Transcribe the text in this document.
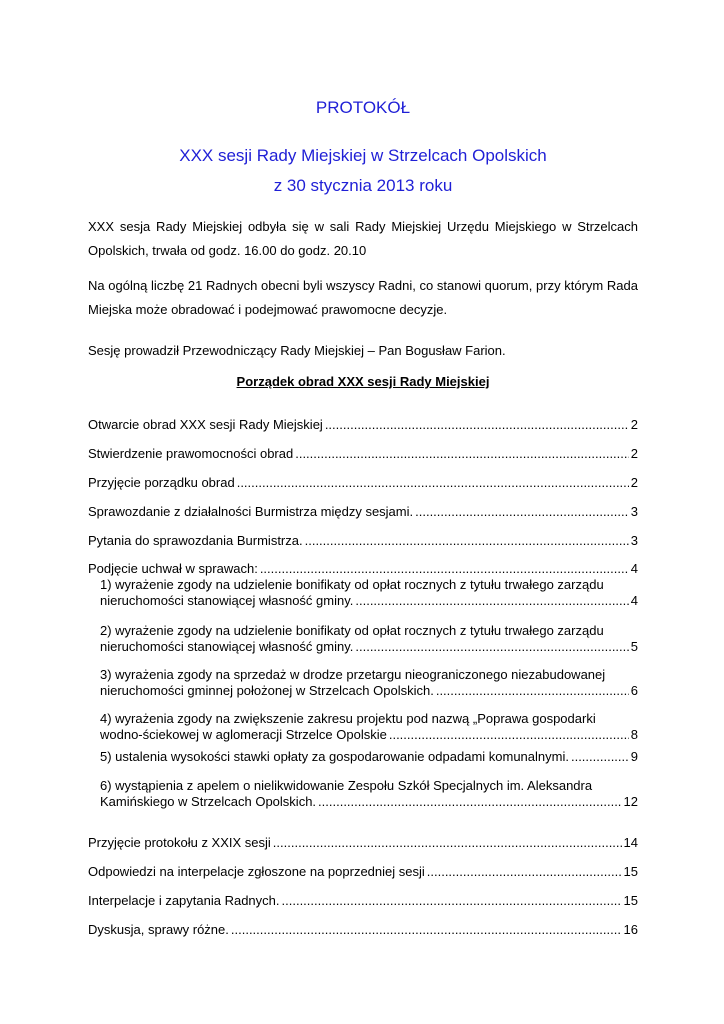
PROTOKÓŁ
XXX sesji Rady Miejskiej w Strzelcach Opolskich
z 30 stycznia 2013 roku

XXX sesja Rady Miejskiej odbyła się w sali Rady Miejskiej Urzędu Miejskiego w Strzelcach Opolskich, trwała od godz. 16.00 do godz. 20.10

Na ogólną liczbę 21 Radnych obecni byli wszyscy Radni, co stanowi quorum, przy którym Rada Miejska może obradować i podejmować prawomocne decyzje.

Sesję prowadził Przewodniczący Rady Miejskiej – Pan Bogusław Farion.

Porządek obrad XXX sesji Rady Miejskiej

Otwarcie obrad XXX sesji Rady Miejskiej .....	2
Stwierdzenie prawomocności obrad .....	2
Przyjęcie porządku obrad .....	2
Sprawozdanie z działalności Burmistrza między sesjami. .....	3
Pytania do sprawozdania Burmistrza. .....	3
Podjęcie uchwał w sprawach: .....	4
1) wyrażenie zgody na udzielenie bonifikaty od opłat rocznych z tytułu trwałego zarządu
nieruchomości stanowiącej własność gminy. .....	4
2) wyrażenie zgody na udzielenie bonifikaty od opłat rocznych z tytułu trwałego zarządu
nieruchomości stanowiącej własność gminy. .....	5
3) wyrażenia zgody na sprzedaż w drodze przetargu nieograniczonego niezabudowanej
nieruchomości gminnej położonej w Strzelcach Opolskich. .....	6
4) wyrażenia zgody na zwiększenie zakresu projektu pod nazwą „Poprawa gospodarki
wodno-ściekowej w aglomeracji Strzelce Opolskie .....	8
5) ustalenia wysokości stawki opłaty za gospodarowanie odpadami komunalnymi. .....	9
6) wystąpienia z apelem o nielikwidowanie Zespołu Szkół Specjalnych im. Aleksandra
Kamińskiego w Strzelcach Opolskich. .....	12
Przyjęcie protokołu z XXIX sesji .....	14
Odpowiedzi na interpelacje zgłoszone na poprzedniej sesji .....	15
Interpelacje i zapytania Radnych. .....	15
Dyskusja, sprawy różne. .....	16
